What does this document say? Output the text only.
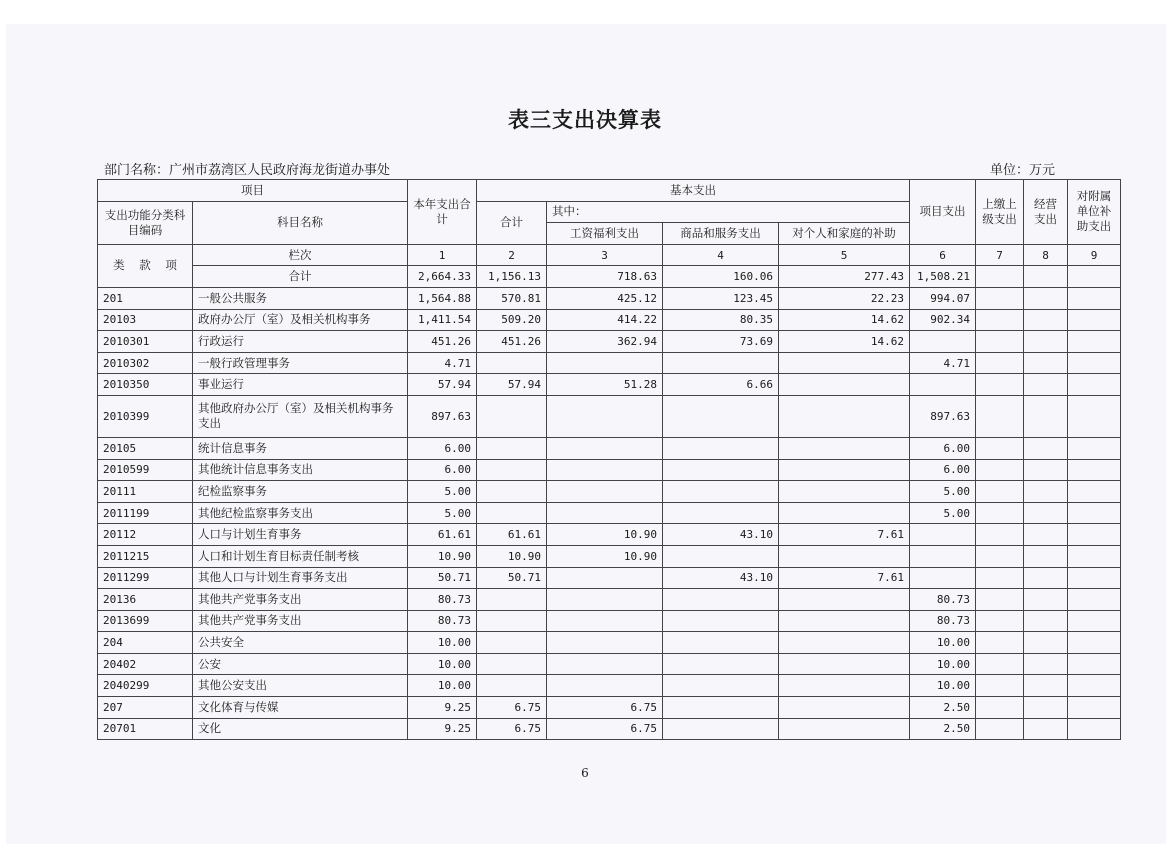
表三支出决算表
部门名称：广州市荔湾区人民政府海龙街道办事处	单位：万元
项目		本年支出合计	基本支出				项目支出	上缴上级支出	经营支出	对附属单位补助支出
支出功能分类科目编码	科目名称		合计	其中：						
				工资福利支出	商品和服务支出	对个人和家庭的补助				
类 款 项	栏次	1	2	3	4	5	6	7	8	9
	合计	2,664.33	1,156.13	718.63	160.06	277.43	1,508.21			
201	一般公共服务	1,564.88	570.81	425.12	123.45	22.23	994.07			
20103	政府办公厅（室）及相关机构事务	1,411.54	509.20	414.22	80.35	14.62	902.34			
2010301	行政运行	451.26	451.26	362.94	73.69	14.62				
2010302	一般行政管理事务	4.71					4.71			
2010350	事业运行	57.94	57.94	51.28	6.66					
2010399	其他政府办公厅（室）及相关机构事务支出	897.63					897.63			
20105	统计信息事务	6.00					6.00			
2010599	其他统计信息事务支出	6.00					6.00			
20111	纪检监察事务	5.00					5.00			
2011199	其他纪检监察事务支出	5.00					5.00			
20112	人口与计划生育事务	61.61	61.61	10.90	43.10	7.61				
2011215	人口和计划生育目标责任制考核	10.90	10.90	10.90						
2011299	其他人口与计划生育事务支出	50.71	50.71		43.10	7.61				
20136	其他共产党事务支出	80.73					80.73			
2013699	其他共产党事务支出	80.73					80.73			
204	公共安全	10.00					10.00			
20402	公安	10.00					10.00			
2040299	其他公安支出	10.00					10.00			
207	文化体育与传媒	9.25	6.75	6.75			2.50			
20701	文化	9.25	6.75	6.75			2.50			
6
